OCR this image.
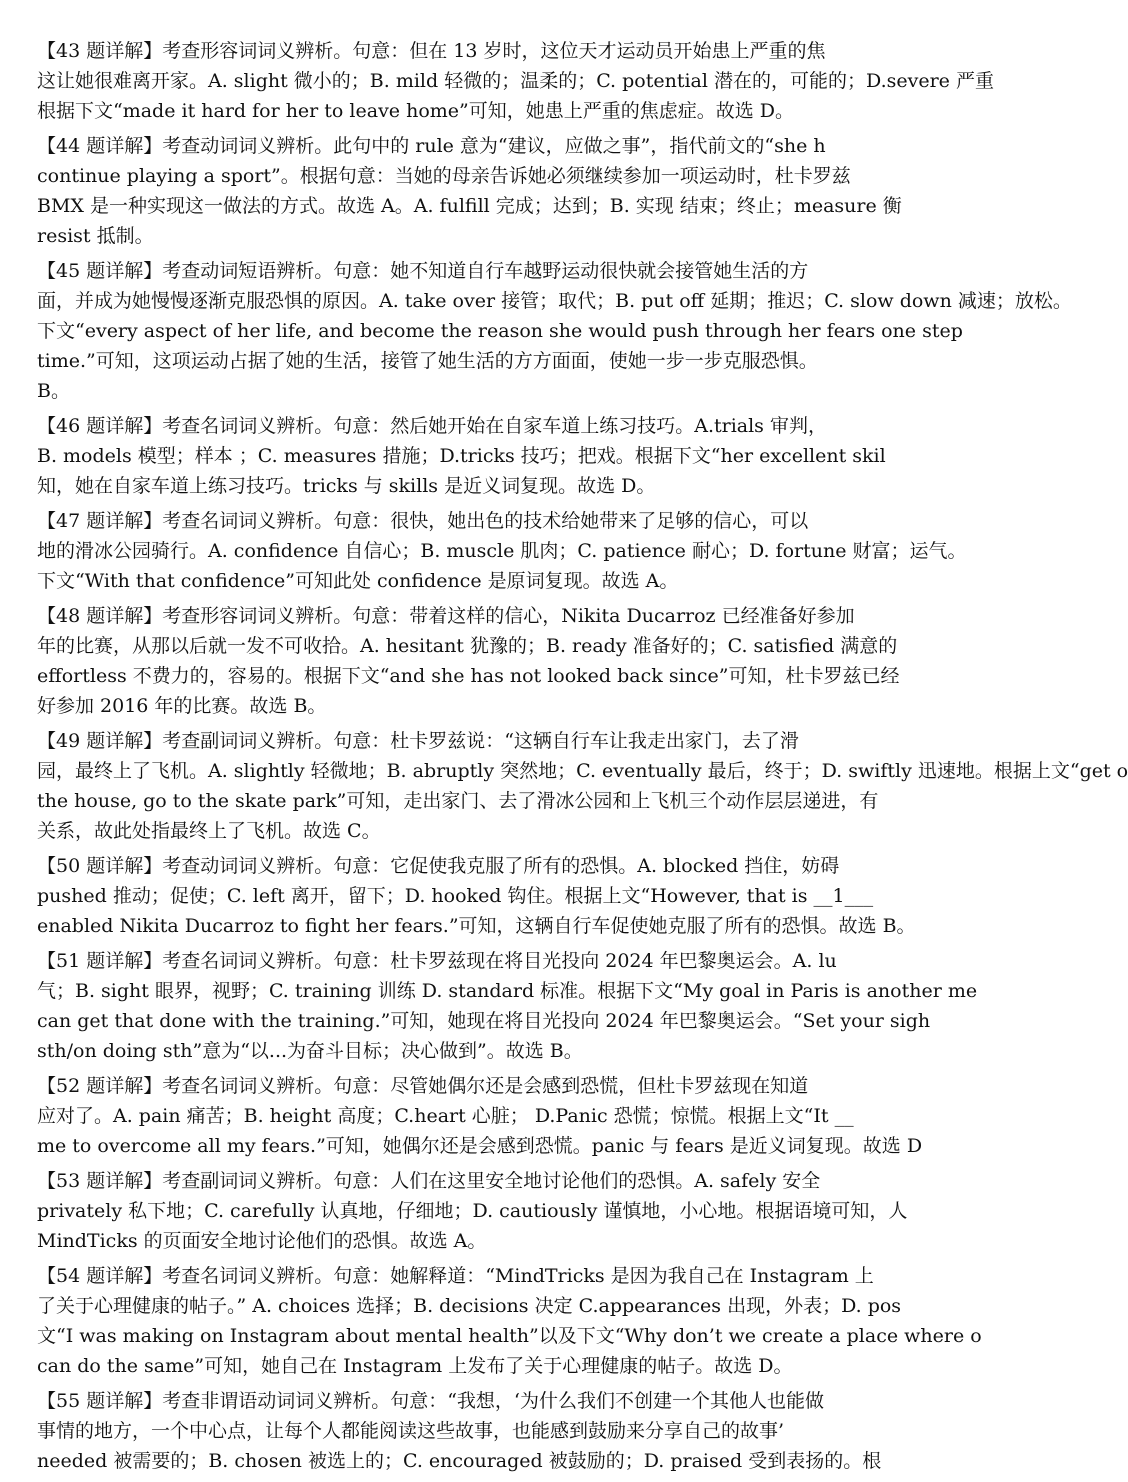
【43 题详解】考查形容词词义辨析。句意：但在 13 岁时，这位天才运动员开始患上严重的焦
这让她很难离开家。A. slight 微小的；B. mild 轻微的；温柔的；C. potential 潜在的，可能的；D.severe 严重
根据下文“made it hard for her to leave home”可知，她患上严重的焦虑症。故选 D。
【44 题详解】考查动词词义辨析。此句中的 rule 意为“建议，应做之事”，指代前文的“she h
continue playing a sport”。根据句意：当她的母亲告诉她必须继续参加一项运动时，杜卡罗兹
BMX 是一种实现这一做法的方式。故选 A。A. fulfill 完成；达到；B. 实现 结束；终止；measure 衡
resist 抵制。
【45 题详解】考查动词短语辨析。句意：她不知道自行车越野运动很快就会接管她生活的方
面，并成为她慢慢逐渐克服恐惧的原因。A. take over 接管；取代；B. put off 延期；推迟；C. slow down 减速；放松。
下文“every aspect of her life, and become the reason she would push through her fears one step
time.”可知，这项运动占据了她的生活，接管了她生活的方方面面，使她一步一步克服恐惧。
B。
【46 题详解】考查名词词义辨析。句意：然后她开始在自家车道上练习技巧。A.trials 审判，
B. models 模型；样本 ；C. measures 措施；D.tricks 技巧；把戏。根据下文“her excellent skil
知，她在自家车道上练习技巧。tricks 与 skills 是近义词复现。故选 D。
【47 题详解】考查名词词义辨析。句意：很快，她出色的技术给她带来了足够的信心，可以
地的滑冰公园骑行。A. confidence 自信心；B. muscle 肌肉；C. patience 耐心；D. fortune 财富；运气。
下文“With that confidence”可知此处 confidence 是原词复现。故选 A。
【48 题详解】考查形容词词义辨析。句意：带着这样的信心，Nikita Ducarroz 已经准备好参加
年的比赛，从那以后就一发不可收拾。A. hesitant 犹豫的；B. ready 准备好的；C. satisfied 满意的
effortless 不费力的，容易的。根据下文“and she has not looked back since”可知，杜卡罗兹已经
好参加 2016 年的比赛。故选 B。
【49 题详解】考查副词词义辨析。句意：杜卡罗兹说：“这辆自行车让我走出家门，去了滑
园，最终上了飞机。A. slightly 轻微地；B. abruptly 突然地；C. eventually 最后，终于；D. swiftly 迅速地。根据上文“get o
the house, go to the skate park”可知，走出家门、去了滑冰公园和上飞机三个动作层层递进，有
关系，故此处指最终上了飞机。故选 C。
【50 题详解】考查动词词义辨析。句意：它促使我克服了所有的恐惧。A. blocked 挡住，妨碍
pushed 推动；促使；C. left 离开，留下；D. hooked 钩住。根据上文“However, that is __1___
enabled Nikita Ducarroz to fight her fears.”可知，这辆自行车促使她克服了所有的恐惧。故选 B。
【51 题详解】考查名词词义辨析。句意：杜卡罗兹现在将目光投向 2024 年巴黎奥运会。A. lu
气；B. sight 眼界，视野；C. training 训练 D. standard 标准。根据下文“My goal in Paris is another me
can get that done with the training.”可知，她现在将目光投向 2024 年巴黎奥运会。“Set your sigh
sth/on doing sth”意为“以...为奋斗目标；决心做到”。故选 B。
【52 题详解】考查名词词义辨析。句意：尽管她偶尔还是会感到恐慌，但杜卡罗兹现在知道
应对了。A. pain 痛苦；B. height 高度；C.heart 心脏； D.Panic 恐慌；惊慌。根据上文“It __
me to overcome all my fears.”可知，她偶尔还是会感到恐慌。panic 与 fears 是近义词复现。故选 D
【53 题详解】考查副词词义辨析。句意：人们在这里安全地讨论他们的恐惧。A. safely 安全
privately 私下地；C. carefully 认真地，仔细地；D. cautiously 谨慎地，小心地。根据语境可知，人
MindTicks 的页面安全地讨论他们的恐惧。故选 A。
【54 题详解】考查名词词义辨析。句意：她解释道：“MindTricks 是因为我自己在 Instagram 上
了关于心理健康的帖子。” A. choices 选择；B. decisions 决定 C.appearances 出现，外表；D. pos
文“I was making on Instagram about mental health”以及下文“Why don’t we create a place where o
can do the same”可知，她自己在 Instagram 上发布了关于心理健康的帖子。故选 D。
【55 题详解】考查非谓语动词词义辨析。句意：“我想，‘为什么我们不创建一个其他人也能做
事情的地方，一个中心点，让每个人都能阅读这些故事，也能感到鼓励来分享自己的故事’
needed 被需要的；B. chosen 被选上的；C. encouraged 被鼓励的；D. praised 受到表扬的。根
